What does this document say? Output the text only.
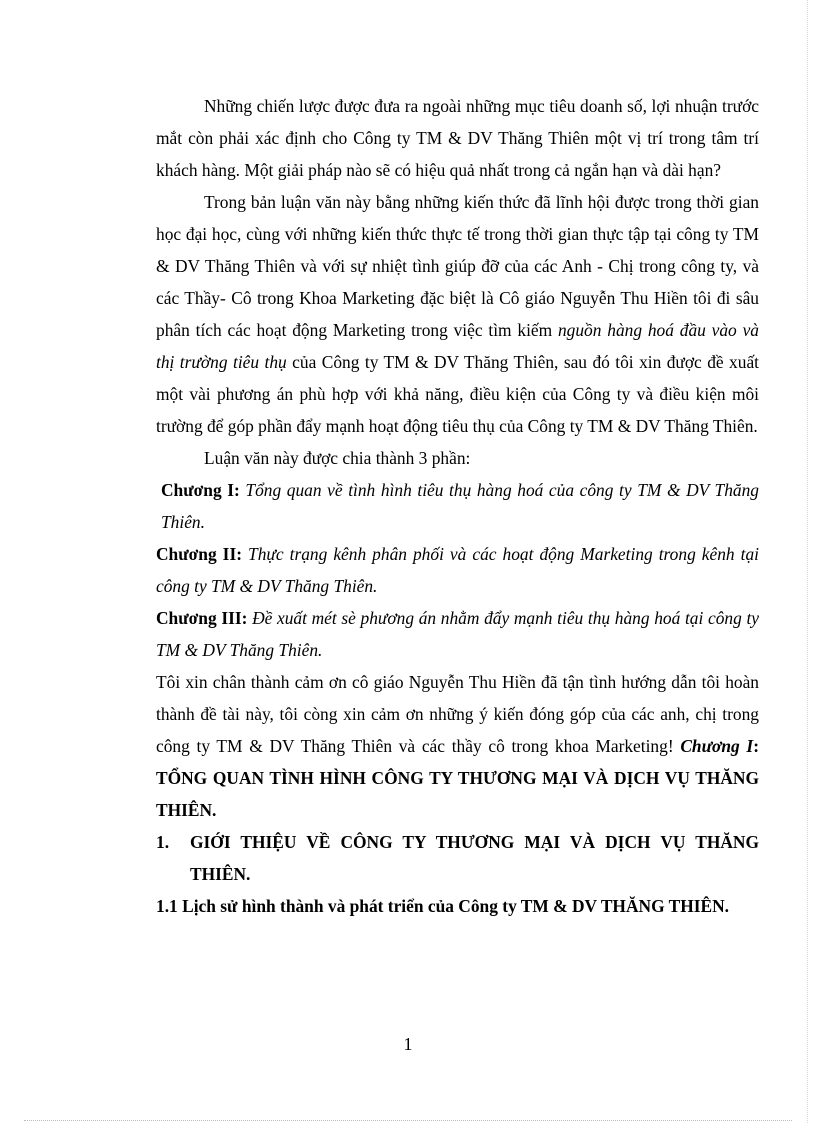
Những chiến lược được đưa ra ngoài những mục tiêu doanh số, lợi nhuận trước mắt còn phải xác định cho Công ty TM & DV Thăng Thiên một vị trí trong tâm trí khách hàng. Một giải pháp nào sẽ có hiệu quả nhất trong cả ngắn hạn và dài hạn?

Trong bản luận văn này bằng những kiến thức đã lĩnh hội được trong thời gian học đại học, cùng với những kiến thức thực tế trong thời gian thực tập tại công ty TM & DV Thăng Thiên và với sự nhiệt tình giúp đỡ của các Anh - Chị trong công ty, và các Thầy- Cô trong Khoa Marketing đặc biệt là Cô giáo Nguyễn Thu Hiền tôi đi sâu phân tích các hoạt động Marketing trong việc tìm kiếm nguồn hàng hoá đầu vào và thị trường tiêu thụ của Công ty TM & DV Thăng Thiên, sau đó tôi xin được đề xuất một vài phương án phù hợp với khả năng, điều kiện của Công ty và điều kiện môi trường để góp phần đẩy mạnh hoạt động tiêu thụ của Công ty TM & DV Thăng Thiên.

Luận văn này được chia thành 3 phần:

Chương I: Tổng quan về tình hình tiêu thụ hàng hoá của công ty TM & DV Thăng Thiên.

Chương II: Thực trạng kênh phân phối và các hoạt động Marketing trong kênh tại công ty TM & DV Thăng Thiên.

Chương III: Đề xuất mét sè phương án nhằm đẩy mạnh tiêu thụ hàng hoá tại công ty TM & DV Thăng Thiên.

Tôi xin chân thành cảm ơn cô giáo Nguyễn Thu Hiền đã tận tình hướng dẫn tôi hoàn thành đề tài này, tôi còng xin cảm ơn những ý kiến đóng góp của các anh, chị trong công ty TM & DV Thăng Thiên và các thầy cô trong khoa Marketing! Chương I: TỔNG QUAN TÌNH HÌNH CÔNG TY THƯƠNG MẠI VÀ DỊCH VỤ THĂNG THIÊN.

1. GIỚI THIỆU VỀ CÔNG TY THƯƠNG MẠI VÀ DỊCH VỤ THĂNG THIÊN.

1.1 Lịch sử hình thành và phát triển của Công ty TM & DV THĂNG THIÊN.

1
